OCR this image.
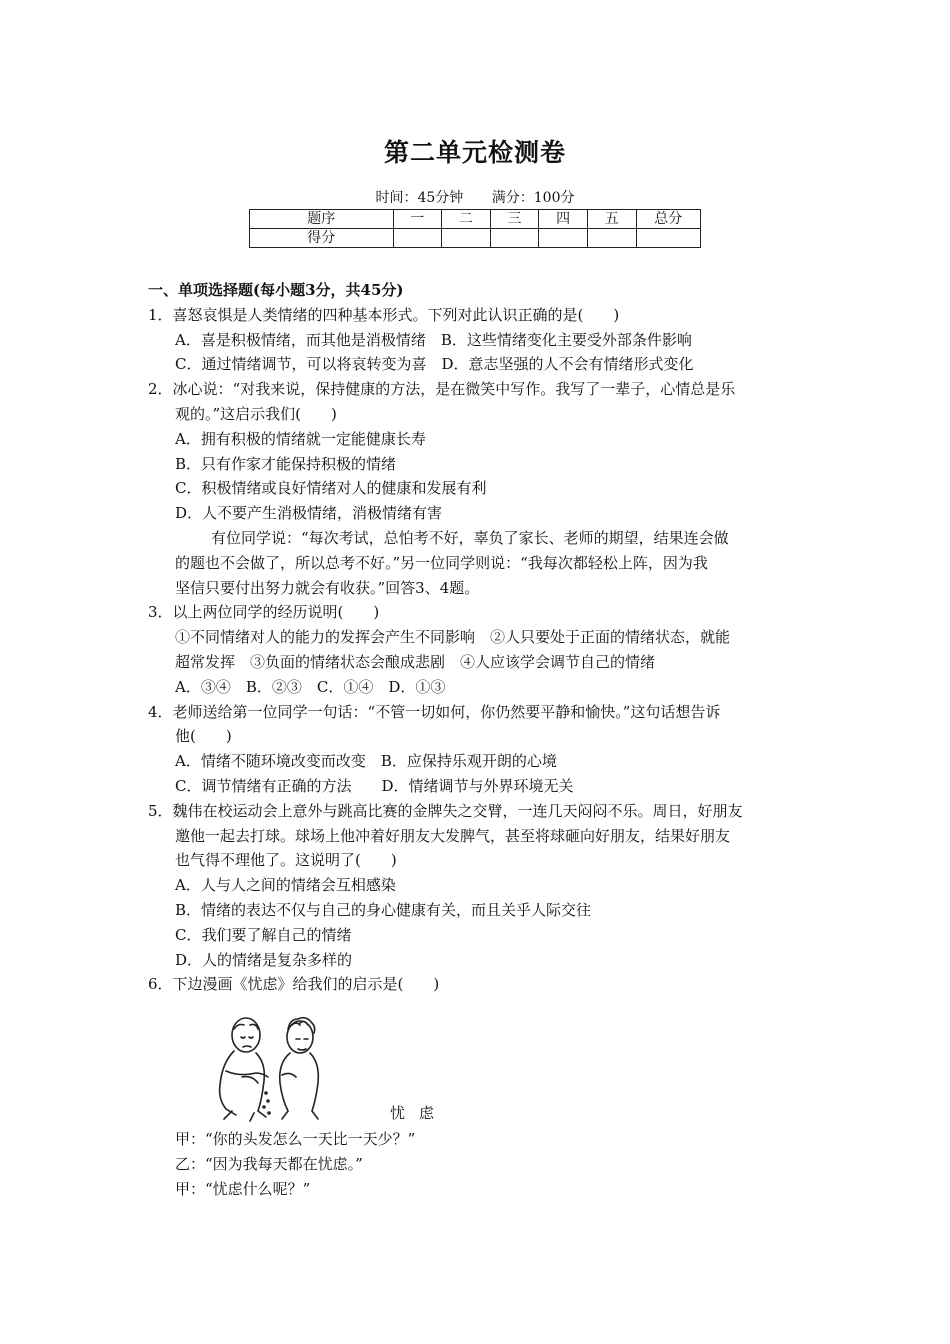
第二单元检测卷
时间：45分钟 满分：100分
题序	一	二	三	四	五	总分
得分						
一、单项选择题(每小题3分，共45分)
1．喜怒哀惧是人类情绪的四种基本形式。下列对此认识正确的是(　　)
A．喜是积极情绪，而其他是消极情绪　B．这些情绪变化主要受外部条件影响
C．通过情绪调节，可以将哀转变为喜　D．意志坚强的人不会有情绪形式变化
2．冰心说：“对我来说，保持健康的方法，是在微笑中写作。我写了一辈子，心情总是乐
观的。”这启示我们(　　)
A．拥有积极的情绪就一定能健康长寿
B．只有作家才能保持积极的情绪
C．积极情绪或良好情绪对人的健康和发展有利
D．人不要产生消极情绪，消极情绪有害
有位同学说：“每次考试，总怕考不好，辜负了家长、老师的期望，结果连会做
的题也不会做了，所以总考不好。”另一位同学则说：“我每次都轻松上阵，因为我
坚信只要付出努力就会有收获。”回答3、4题。
3．以上两位同学的经历说明(　　)
①不同情绪对人的能力的发挥会产生不同影响　②人只要处于正面的情绪状态，就能
超常发挥　③负面的情绪状态会酿成悲剧　④人应该学会调节自己的情绪
A．③④　B．②③　C．①④　D．①③
4．老师送给第一位同学一句话：“不管一切如何，你仍然要平静和愉快。”这句话想告诉
他(　　)
A．情绪不随环境改变而改变　B．应保持乐观开朗的心境
C．调节情绪有正确的方法　　D．情绪调节与外界环境无关
5．魏伟在校运动会上意外与跳高比赛的金牌失之交臂，一连几天闷闷不乐。周日，好朋友
邀他一起去打球。球场上他冲着好朋友大发脾气，甚至将球砸向好朋友，结果好朋友
也气得不理他了。这说明了(　　)
A．人与人之间的情绪会互相感染
B．情绪的表达不仅与自己的身心健康有关，而且关乎人际交往
C．我们要了解自己的情绪
D．人的情绪是复杂多样的
6．下边漫画《忧虑》给我们的启示是(　　)
忧虑
甲：“你的头发怎么一天比一天少？”
乙：“因为我每天都在忧虑。”
甲：“忧虑什么呢？”
